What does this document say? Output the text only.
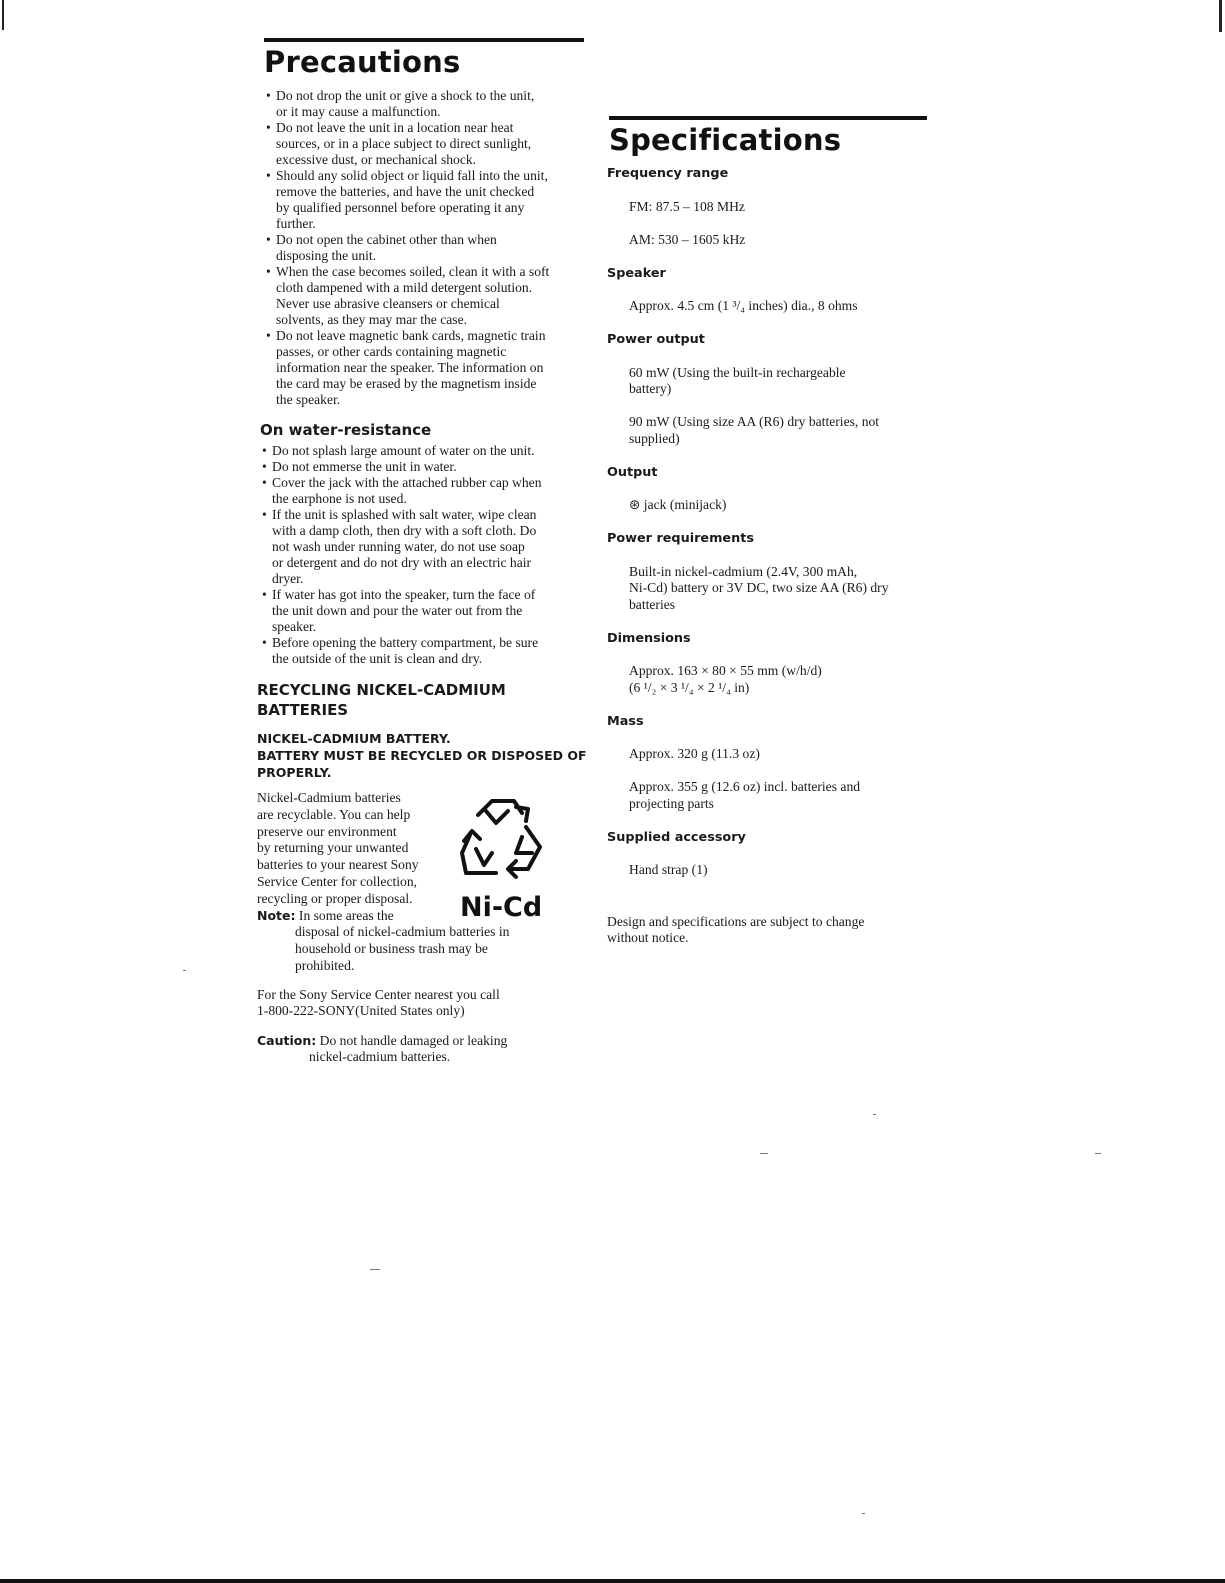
Precautions
• Do not drop the unit or give a shock to the unit,
or it may cause a malfunction.
• Do not leave the unit in a location near heat
sources, or in a place subject to direct sunlight,
excessive dust, or mechanical shock.
• Should any solid object or liquid fall into the unit,
remove the batteries, and have the unit checked
by qualified personnel before operating it any
further.
• Do not open the cabinet other than when
disposing the unit.
• When the case becomes soiled, clean it with a soft
cloth dampened with a mild detergent solution.
Never use abrasive cleansers or chemical
solvents, as they may mar the case.
• Do not leave magnetic bank cards, magnetic train
passes, or other cards containing magnetic
information near the speaker. The information on
the card may be erased by the magnetism inside
the speaker.
On water-resistance
• Do not splash large amount of water on the unit.
• Do not emmerse the unit in water.
• Cover the jack with the attached rubber cap when
the earphone is not used.
• If the unit is splashed with salt water, wipe clean
with a damp cloth, then dry with a soft cloth. Do
not wash under running water, do not use soap
or detergent and do not dry with an electric hair
dryer.
• If water has got into the speaker, turn the face of
the unit down and pour the water out from the
speaker.
• Before opening the battery compartment, be sure
the outside of the unit is clean and dry.
RECYCLING NICKEL-CADMIUM
BATTERIES
NICKEL-CADMIUM BATTERY.
BATTERY MUST BE RECYCLED OR DISPOSED OF
PROPERLY.

Nickel-Cadmium batteries
are recyclable. You can help
preserve our environment
by returning your unwanted
batteries to your nearest Sony
Service Center for collection,
recycling or proper disposal.

Note: In some areas the
disposal of nickel-cadmium batteries in
household or business trash may be
prohibited.

For the Sony Service Center nearest you call
1-800-222-SONY(United States only)

Caution: Do not handle damaged or leaking
nickel-cadmium batteries.
Ni-Cd
Specifications
Frequency range

FM: 87.5 – 108 MHz

AM: 530 – 1605 kHz

Speaker

Approx. 4.5 cm (1 ³/₄ inches) dia., 8 ohms

Power output

60 mW (Using the built-in rechargeable
battery)

90 mW (Using size AA (R6) dry batteries, not
supplied)

Output

⊛ jack (minijack)

Power requirements

Built-in nickel-cadmium (2.4V, 300 mAh,
Ni-Cd) battery or 3V DC, two size AA (R6) dry
batteries

Dimensions

Approx. 163 × 80 × 55 mm (w/h/d)
(6 ¹/₂ × 3 ¹/₄ × 2 ¹/₄ in)

Mass

Approx. 320 g (11.3 oz)

Approx. 355 g (12.6 oz) incl. batteries and
projecting parts

Supplied accessory

Hand strap (1)

Design and specifications are subject to change
without notice.
